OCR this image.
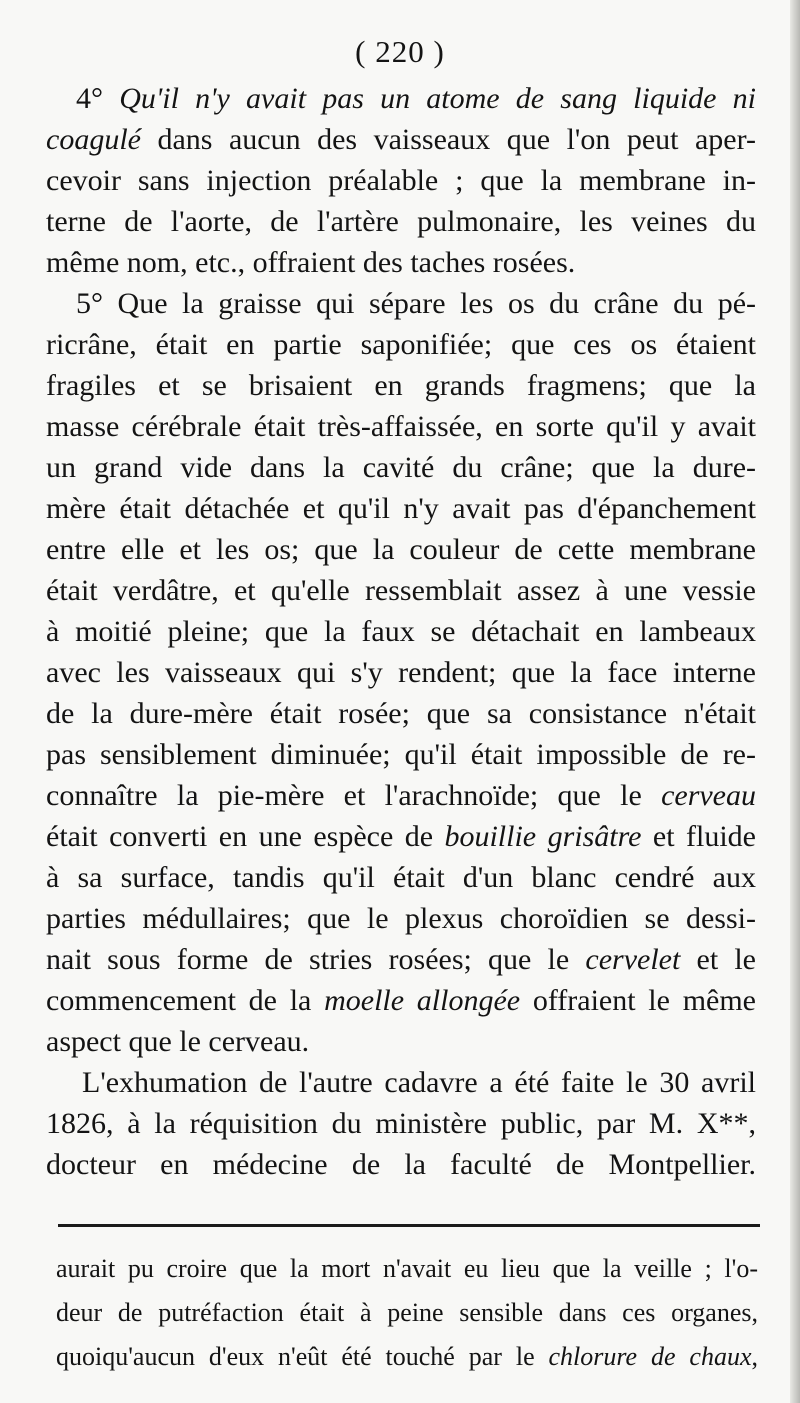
( 220 )
4° Qu'il n'y avait pas un atome de sang liquide ni
coagulé dans aucun des vaisseaux que l'on peut aper-
cevoir sans injection préalable ; que la membrane in-
terne de l'aorte, de l'artère pulmonaire, les veines du
même nom, etc., offraient des taches rosées.
5° Que la graisse qui sépare les os du crâne du pé-
ricrâne, était en partie saponifiée; que ces os étaient
fragiles et se brisaient en grands fragmens; que la
masse cérébrale était très-affaissée, en sorte qu'il y avait
un grand vide dans la cavité du crâne; que la dure-
mère était détachée et qu'il n'y avait pas d'épanchement
entre elle et les os; que la couleur de cette membrane
était verdâtre, et qu'elle ressemblait assez à une vessie
à moitié pleine; que la faux se détachait en lambeaux
avec les vaisseaux qui s'y rendent; que la face interne
de la dure-mère était rosée; que sa consistance n'était
pas sensiblement diminuée; qu'il était impossible de re-
connaître la pie-mère et l'arachnoïde; que le cerveau
était converti en une espèce de bouillie grisâtre et fluide
à sa surface, tandis qu'il était d'un blanc cendré aux
parties médullaires; que le plexus choroïdien se dessi-
nait sous forme de stries rosées; que le cervelet et le
commencement de la moelle allongée offraient le même
aspect que le cerveau.
L'exhumation de l'autre cadavre a été faite le 30 avril
1826, à la réquisition du ministère public, par M. X**,
docteur en médecine de la faculté de Montpellier.
aurait pu croire que la mort n'avait eu lieu que la veille ; l'o-
deur de putréfaction était à peine sensible dans ces organes,
quoiqu'aucun d'eux n'eût été touché par le chlorure de chaux,
